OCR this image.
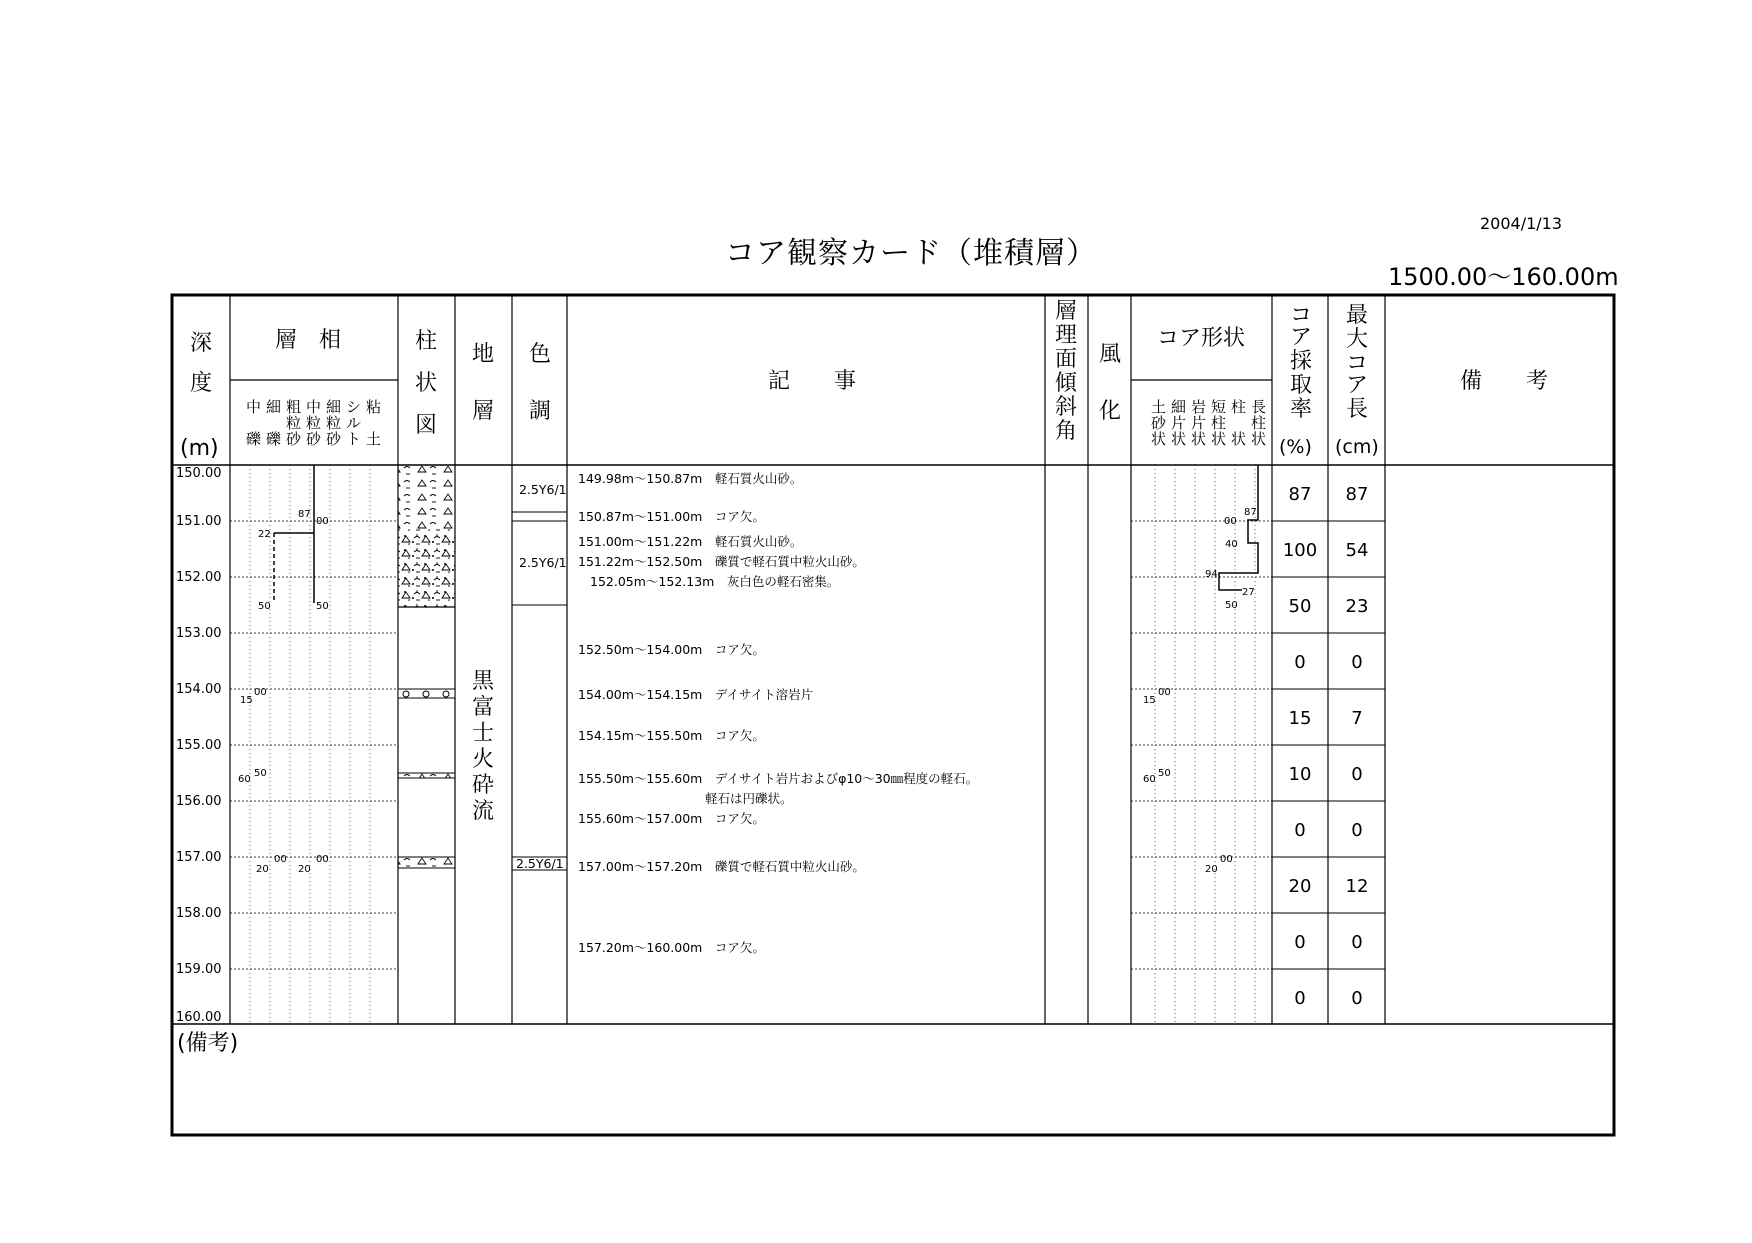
2004/1/13
コア観察カード（堆積層）
1500.00〜160.00m
深
度
(m)
層　相
中
礫
細
礫
粗
粒
砂
中
粒
砂
細
粒
砂
シ
ル
ト
粘
土
柱
状
図
地
層
色
調
記　　事
層
理
面
傾
斜
角
風
化
コア形状
土
砂
状
細
片
状
岩
片
状
短
柱
状
柱
状
長
柱
状
コ
ア
採
取
率
(%)
最
大
コ
ア
長
(cm)
備　　考
150.00
151.00
152.00
153.00
154.00
155.00
156.00
157.00
158.00
159.00
160.00
87
00
22
50	50
15
00
60
50
20
00
20
00
黒
富
士
火
砕
流
2.5Y6/1
2.5Y6/1
2.5Y6/1
149.98m〜150.87m　軽石質火山砂。
150.87m〜151.00m　コア欠。
151.00m〜151.22m　軽石質火山砂。
151.22m〜152.50m　礫質で軽石質中粒火山砂。
152.05m〜152.13m　灰白色の軽石密集。
152.50m〜154.00m　コア欠。
154.00m〜154.15m　デイサイト溶岩片
154.15m〜155.50m　コア欠。
155.50m〜155.60m　デイサイト岩片およびφ10〜30㎜程度の軽石。
軽石は円礫状。
155.60m〜157.00m　コア欠。
157.00m〜157.20m　礫質で軽石質中粒火山砂。
157.20m〜160.00m　コア欠。
87
00
40
94
27
50
15
00
60
50
20
00
87
100
50
0
15
10
0
20
0
0
87
54
23
0
7
0
0
12
0
0
(備考)
